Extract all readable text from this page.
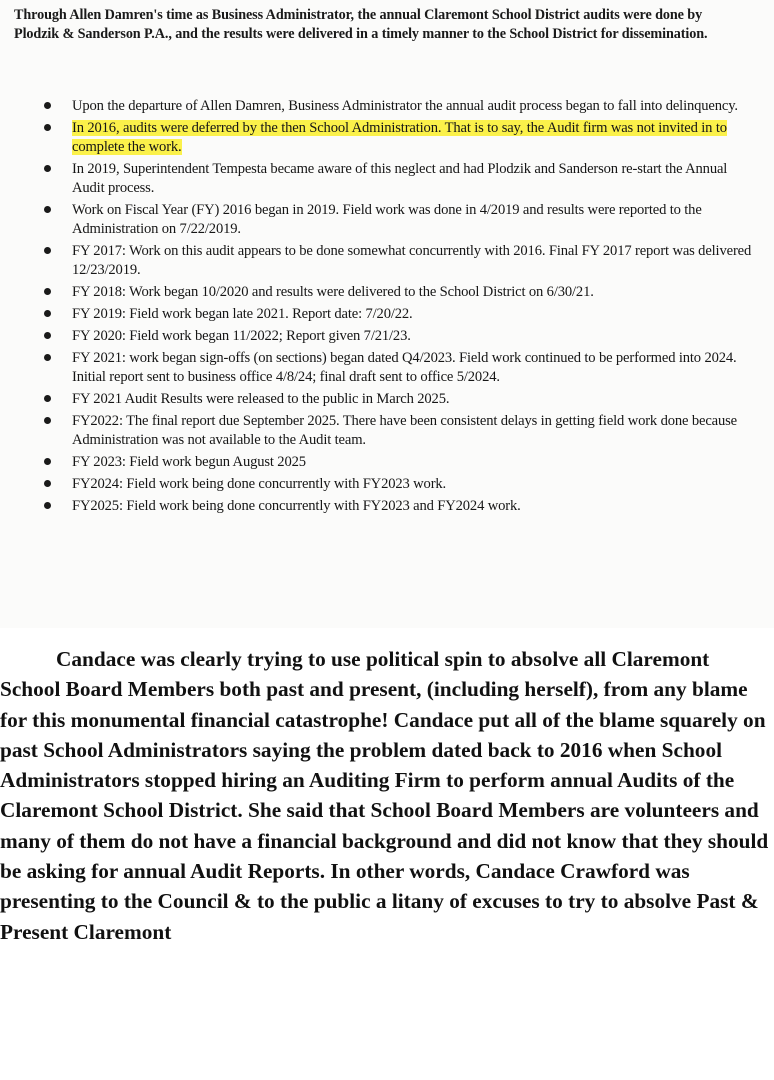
Through Allen Damren's time as Business Administrator, the annual Claremont School District audits were done by Plodzik & Sanderson P.A., and the results were delivered in a timely manner to the School District for dissemination.
Upon the departure of Allen Damren, Business Administrator the annual audit process began to fall into delinquency.
In 2016, audits were deferred by the then School Administration. That is to say, the Audit firm was not invited in to complete the work.
In 2019, Superintendent Tempesta became aware of this neglect and had Plodzik and Sanderson re-start the Annual Audit process.
Work on Fiscal Year (FY) 2016 began in 2019. Field work was done in 4/2019 and results were reported to the Administration on 7/22/2019.
FY 2017: Work on this audit appears to be done somewhat concurrently with 2016. Final FY 2017 report was delivered 12/23/2019.
FY 2018: Work began 10/2020 and results were delivered to the School District on 6/30/21.
FY 2019: Field work began late 2021. Report date: 7/20/22.
FY 2020: Field work began 11/2022; Report given 7/21/23.
FY 2021: work began sign-offs (on sections) began dated Q4/2023. Field work continued to be performed into 2024. Initial report sent to business office 4/8/24; final draft sent to office 5/2024.
FY 2021 Audit Results were released to the public in March 2025.
FY2022: The final report due September 2025. There have been consistent delays in getting field work done because Administration was not available to the Audit team.
FY 2023: Field work begun August 2025
FY2024: Field work being done concurrently with FY2023 work.
FY2025: Field work being done concurrently with FY2023 and FY2024 work.

Candace was clearly trying to use political spin to absolve all Claremont School Board Members both past and present, (including herself), from any blame for this monumental financial catastrophe! Candace put all of the blame squarely on past School Administrators saying the problem dated back to 2016 when School Administrators stopped hiring an Auditing Firm to perform annual Audits of the Claremont School District. She said that School Board Members are volunteers and many of them do not have a financial background and did not know that they should be asking for annual Audit Reports. In other words, Candace Crawford was presenting to the Council & to the public a litany of excuses to try to absolve Past & Present Claremont
